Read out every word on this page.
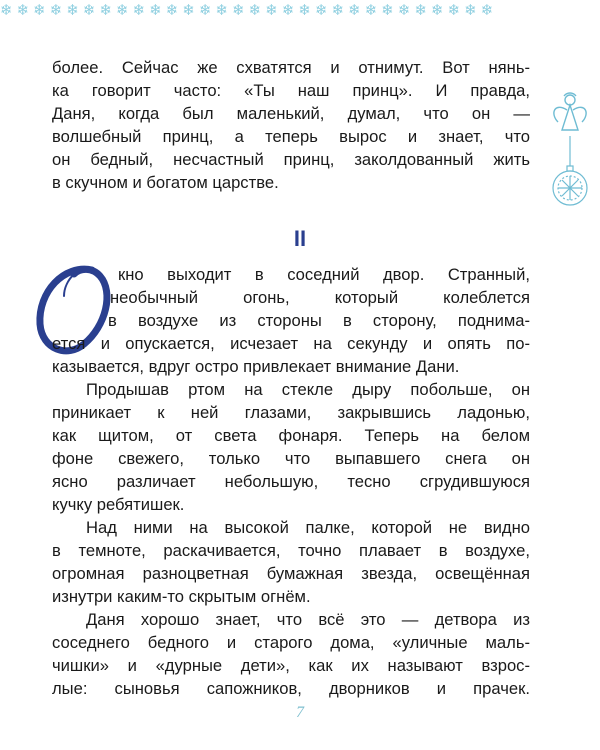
❄ ❄ ❄ ❄ ❄ ❄ ❄ ❄ ❄ ❄ ❄ ❄ ❄ ❄ ❄ ❄ ❄ ❄ ❄ ❄ ❄ ❄ ❄ ❄ ❄ ❄ ❄ ❄ ❄ ❄

более. Сейчас же схватятся и отнимут. Вот нянь-

ка говорит часто: «Ты наш принц». И правда,

Даня, когда был маленький, думал, что он —

волшебный принц, а теперь вырос и знает, что

он бедный, несчастный принц, заколдованный жить

в скучном и богатом царстве.

II

кно выходит в соседний двор. Странный,

необычный огонь, который колеблется

в воздухе из стороны в сторону, поднима-

ется и опускается, исчезает на секунду и опять по-

казывается, вдруг остро привлекает внимание Дани.

Продышав ртом на стекле дыру побольше, он

приникает к ней глазами, закрывшись ладонью,

как щитом, от света фонаря. Теперь на белом

фоне свежего, только что выпавшего снега он

ясно различает небольшую, тесно сгрудившуюся

кучку ребятишек.

Над ними на высокой палке, которой не видно

в темноте, раскачивается, точно плавает в воздухе,

огромная разноцветная бумажная звезда, освещённая

изнутри каким-то скрытым огнём.

Даня хорошо знает, что всё это — детвора из

соседнего бедного и старого дома, «уличные маль-

чишки» и «дурные дети», как их называют взрос-

лые: сыновья сапожников, дворников и прачек.

7
